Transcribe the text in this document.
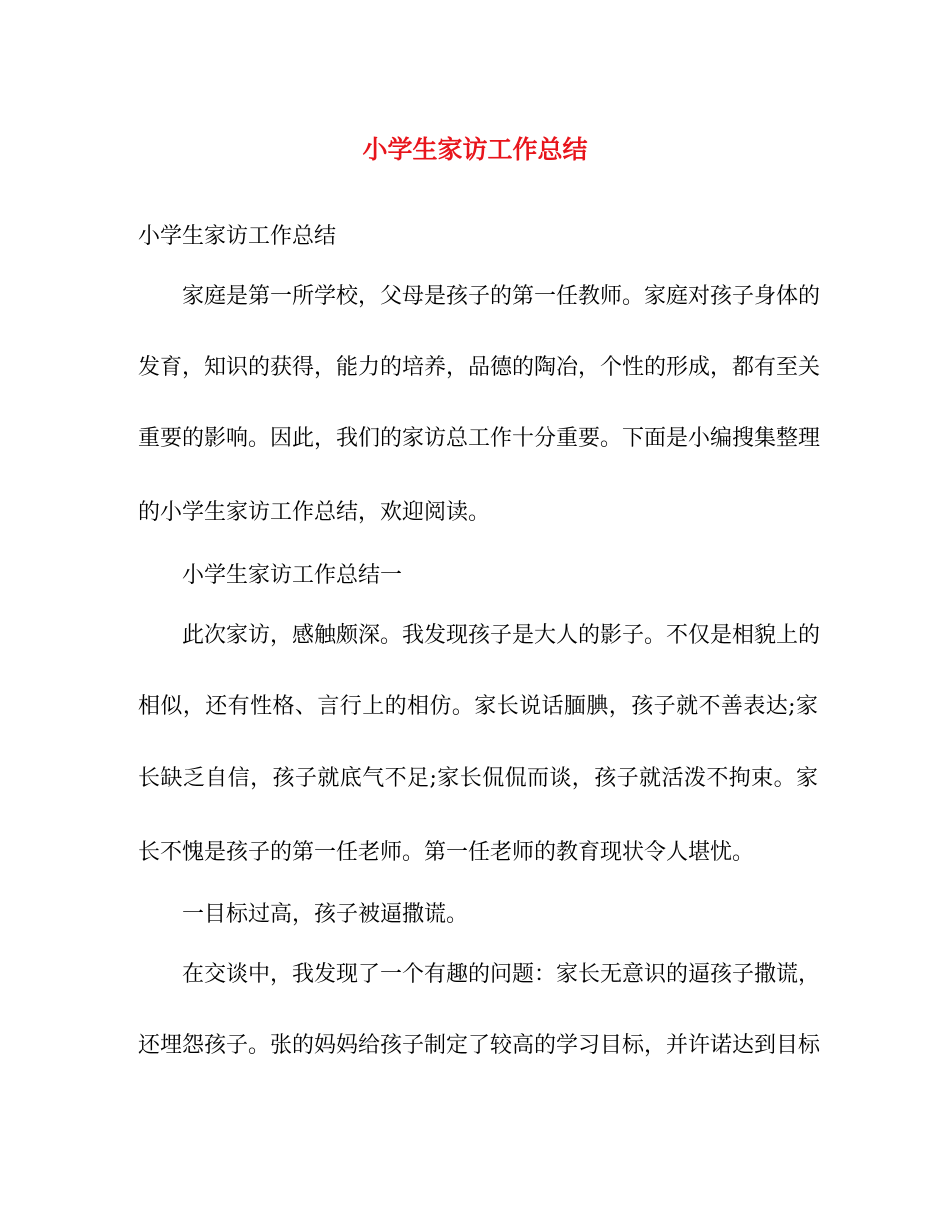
小学生家访工作总结
小学生家访工作总结
家庭是第一所学校，父母是孩子的第一任教师。家庭对孩子身体的
发育，知识的获得，能力的培养，品德的陶冶，个性的形成，都有至关
重要的影响。因此，我们的家访总工作十分重要。下面是小编搜集整理
的小学生家访工作总结，欢迎阅读。
小学生家访工作总结一
此次家访，感触颇深。我发现孩子是大人的影子。不仅是相貌上的
相似，还有性格、言行上的相仿。家长说话腼腆，孩子就不善表达;家
长缺乏自信，孩子就底气不足;家长侃侃而谈，孩子就活泼不拘束。家
长不愧是孩子的第一任老师。第一任老师的教育现状令人堪忧。
一目标过高，孩子被逼撒谎。
在交谈中，我发现了一个有趣的问题：家长无意识的逼孩子撒谎，
还埋怨孩子。张的妈妈给孩子制定了较高的学习目标，并许诺达到目标
